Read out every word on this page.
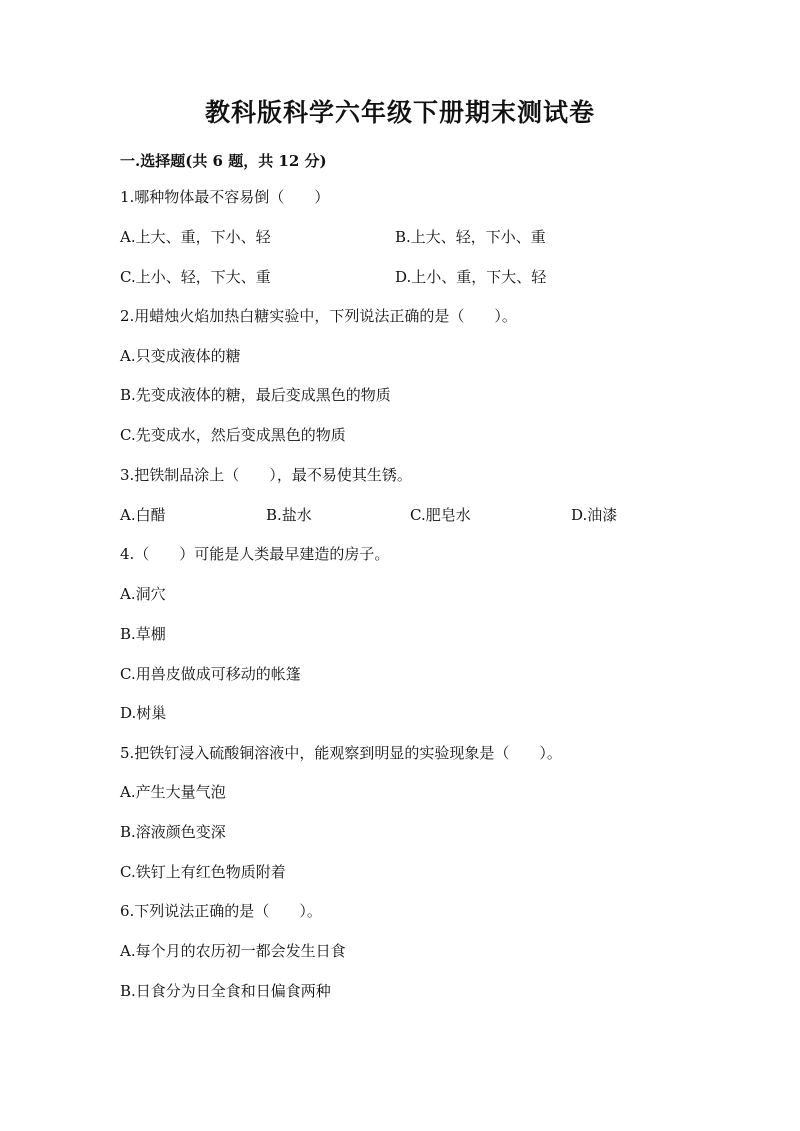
教科版科学六年级下册期末测试卷
一.选择题(共 6 题，共 12 分)
1.哪种物体最不容易倒（　　）
A.上大、重，下小、轻	B.上大、轻，下小、重
C.上小、轻，下大、重	D.上小、重，下大、轻
2.用蜡烛火焰加热白糖实验中，下列说法正确的是（　　）。
A.只变成液体的糖
B.先变成液体的糖，最后变成黑色的物质
C.先变成水，然后变成黑色的物质
3.把铁制品涂上（　　），最不易使其生锈。
A.白醋	B.盐水	C.肥皂水	D.油漆
4.（　　）可能是人类最早建造的房子。
A.洞穴
B.草棚
C.用兽皮做成可移动的帐篷
D.树巢
5.把铁钉浸入硫酸铜溶液中，能观察到明显的实验现象是（　　）。
A.产生大量气泡
B.溶液颜色变深
C.铁钉上有红色物质附着
6.下列说法正确的是（　　）。
A.每个月的农历初一都会发生日食
B.日食分为日全食和日偏食两种
